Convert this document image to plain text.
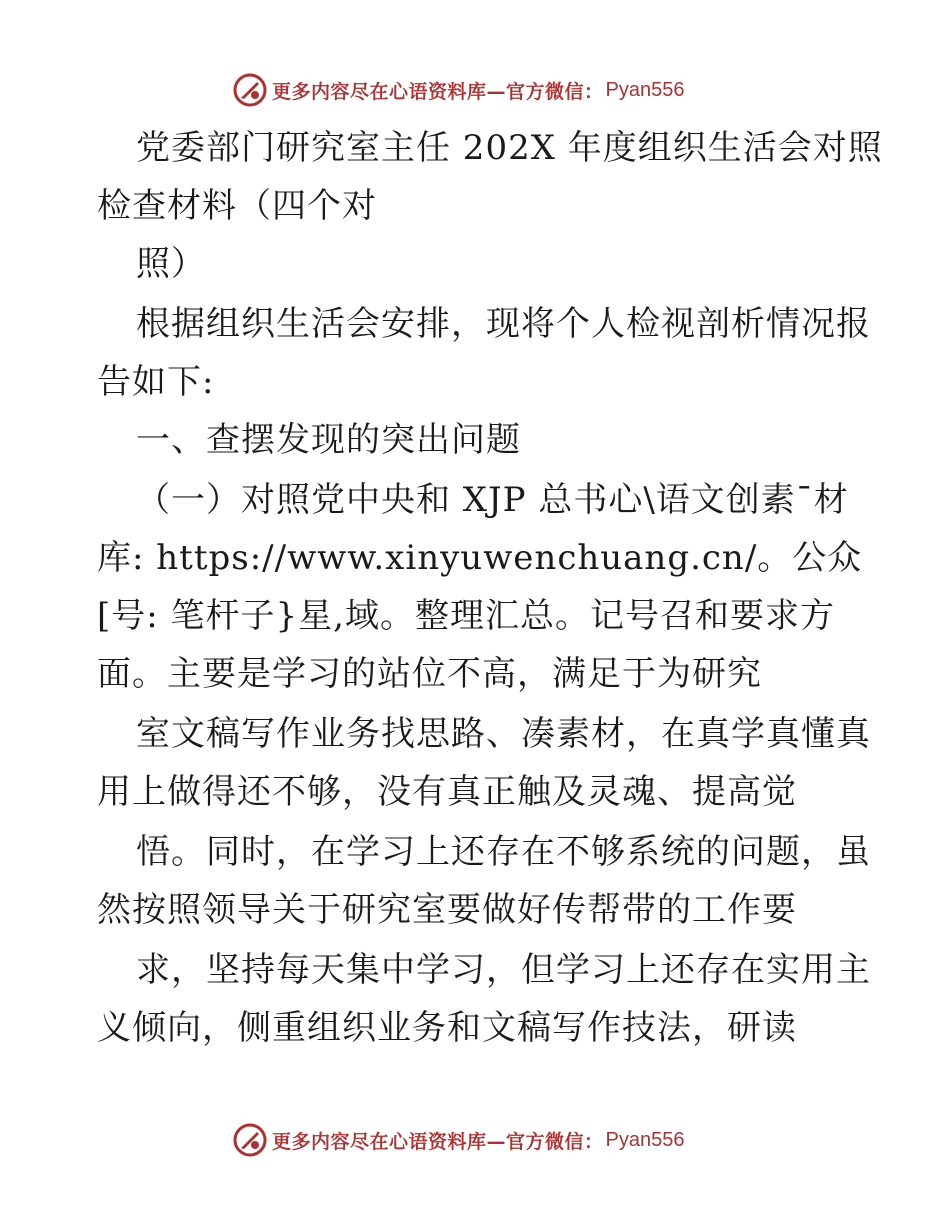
更多内容尽在心语资料库—官方微信： Pyan556
党委部门研究室主任 202X 年度组织生活会对照
检查材料（四个对
照）
根据组织生活会安排，现将个人检视剖析情况报
告如下:
一、查摆发现的突出问题
（一）对照党中央和 XJP 总书心\语文创素¯材
库: https://www.xinyuwenchuang.cn/。公众
[号: 笔杆子}星,域。整理汇总。记号召和要求方
面。主要是学习的站位不高，满足于为研究
室文稿写作业务找思路、凑素材，在真学真懂真
用上做得还不够，没有真正触及灵魂、提高觉
悟。同时，在学习上还存在不够系统的问题，虽
然按照领导关于研究室要做好传帮带的工作要
求，坚持每天集中学习，但学习上还存在实用主
义倾向，侧重组织业务和文稿写作技法，研读
更多内容尽在心语资料库—官方微信： Pyan556
